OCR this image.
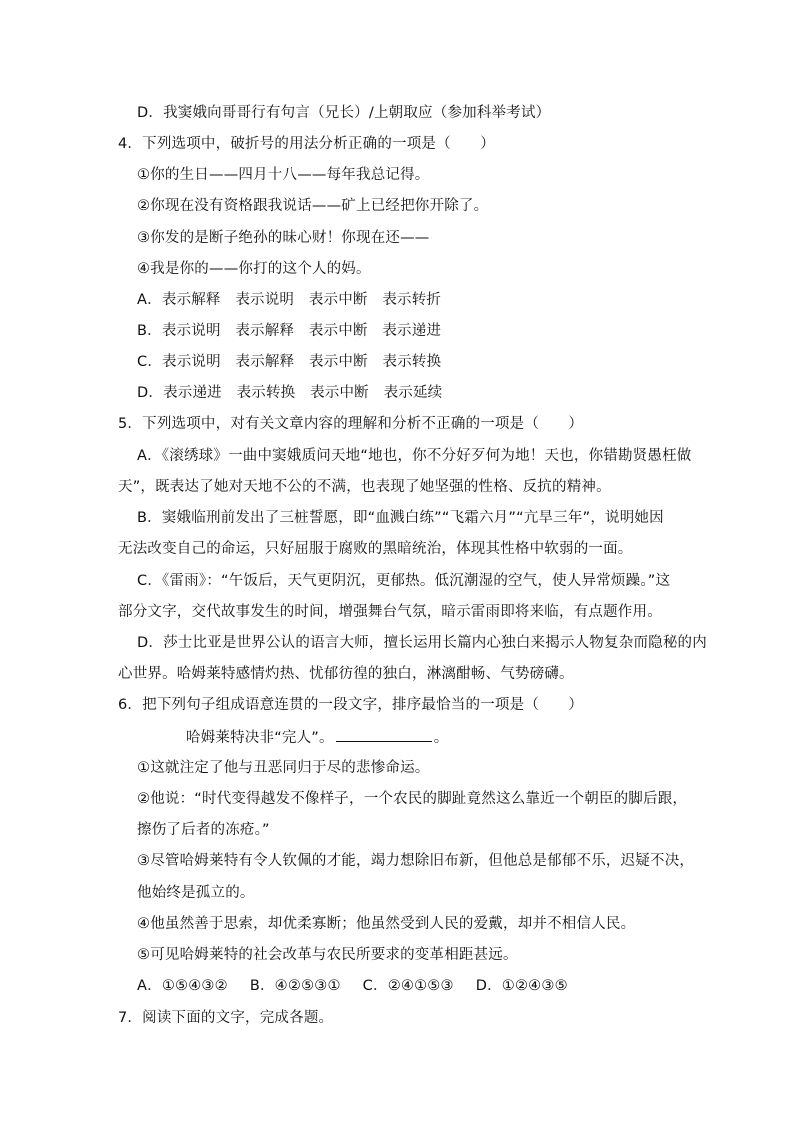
D．我窦娥向哥哥行有句言（兄长）/上朝取应（参加科举考试）
4．下列选项中，破折号的用法分析正确的一项是（　　）
①你的生日——四月十八——每年我总记得。
②你现在没有资格跟我说话——矿上已经把你开除了。
③你发的是断子绝孙的昧心财！你现在还——
④我是你的——你打的这个人的妈。
A．表示解释　表示说明　表示中断　表示转折
B．表示说明　表示解释　表示中断　表示递进
C．表示说明　表示解释　表示中断　表示转换
D．表示递进　表示转换　表示中断　表示延续
5．下列选项中，对有关文章内容的理解和分析不正确的一项是（　　）
A．《滚绣球》一曲中窦娥质问天地“地也，你不分好歹何为地！天也，你错勘贤愚枉做
天”，既表达了她对天地不公的不满，也表现了她坚强的性格、反抗的精神。
B．窦娥临刑前发出了三桩誓愿，即“血溅白练”“飞霜六月”“亢旱三年”，说明她因
无法改变自己的命运，只好屈服于腐败的黑暗统治，体现其性格中软弱的一面。
C．《雷雨》：“午饭后，天气更阴沉，更郁热。低沉潮湿的空气，使人异常烦躁。”这
部分文字，交代故事发生的时间，增强舞台气氛，暗示雷雨即将来临，有点题作用。
D．莎士比亚是世界公认的语言大师，擅长运用长篇内心独白来揭示人物复杂而隐秘的内
心世界。哈姆莱特感情灼热、忧郁彷徨的独白，淋漓酣畅、气势磅礴。
6．把下列句子组成语意连贯的一段文字，排序最恰当的一项是（　　）
哈姆莱特决非“完人”。	。
①这就注定了他与丑恶同归于尽的悲惨命运。
②他说：“时代变得越发不像样子，一个农民的脚趾竟然这么靠近一个朝臣的脚后跟，
擦伤了后者的冻疮。”
③尽管哈姆莱特有令人钦佩的才能，竭力想除旧布新，但他总是郁郁不乐，迟疑不决，
他始终是孤立的。
④他虽然善于思索，却优柔寡断；他虽然受到人民的爱戴，却并不相信人民。
⑤可见哈姆莱特的社会改革与农民所要求的变革相距甚远。
A．①⑤④③② B．④②⑤③① C．②④①⑤③ D．①②④③⑤
7．阅读下面的文字，完成各题。
